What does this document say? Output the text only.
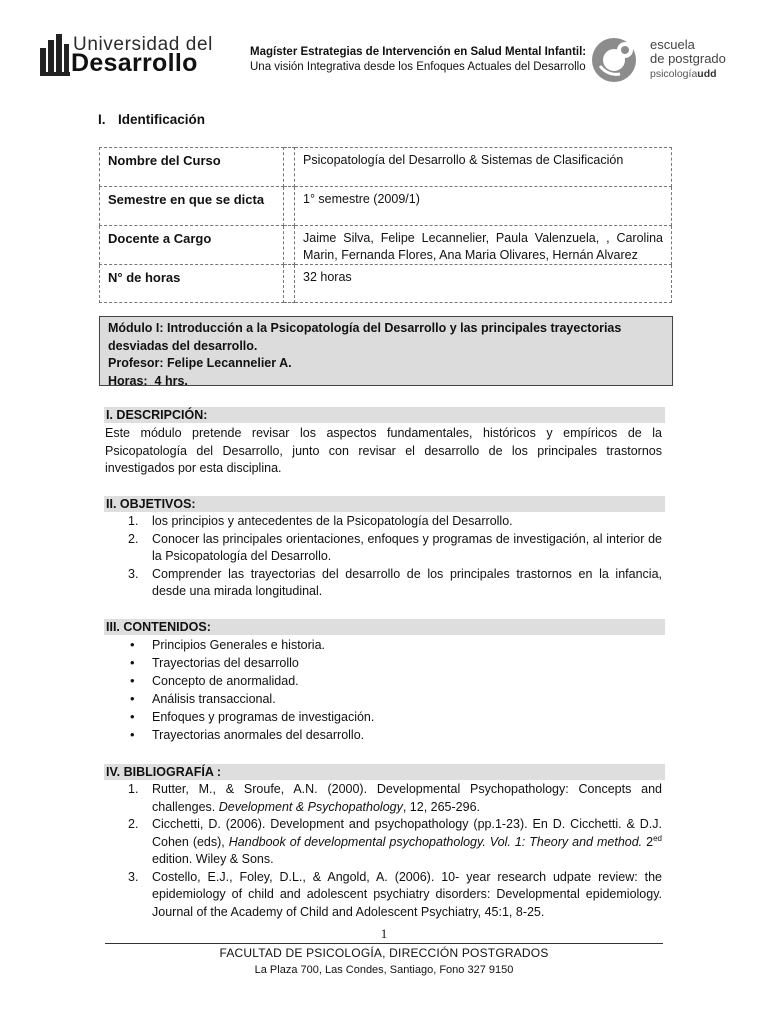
Universidad del
Desarrollo	Magíster Estrategias de Intervención en Salud Mental Infantil:
Una visión Integrativa desde los Enfoques Actuales del Desarrollo
escuela
de postgrado
psicologíaudd
I. Identificación
Nombre del Curso		Psicopatología del Desarrollo & Sistemas de Clasificación
Semestre en que se dicta		1° semestre (2009/1)
Docente a Cargo		Jaime Silva, Felipe Lecannelier, Paula Valenzuela, , Carolina Marin, Fernanda Flores, Ana Maria Olivares, Hernán Alvarez
N° de horas		32 horas
Módulo I: Introducción a la Psicopatología del Desarrollo y las principales trayectorias desviadas del desarrollo.
Profesor: Felipe Lecannelier A.
Horas:  4 hrs.
I. DESCRIPCIÓN:
Este módulo pretende revisar los aspectos fundamentales, históricos y empíricos de la Psicopatología del Desarrollo, junto con revisar el desarrollo de los principales trastornos investigados por esta disciplina.
II. OBJETIVOS:
1. los principios y antecedentes de la Psicopatología del Desarrollo.
2. Conocer las principales orientaciones, enfoques y programas de investigación, al interior de la Psicopatología del Desarrollo.
3. Comprender las trayectorias del desarrollo de los principales trastornos en la infancia, desde una mirada longitudinal.
III. CONTENIDOS:
• Principios Generales e historia.
• Trayectorias del desarrollo
• Concepto de anormalidad.
• Análisis transaccional.
• Enfoques y programas de investigación.
• Trayectorias anormales del desarrollo.
IV. BIBLIOGRAFÍA :
1. Rutter, M., & Sroufe, A.N. (2000). Developmental Psychopathology: Concepts and challenges. Development & Psychopathology, 12, 265-296.
2. Cicchetti, D. (2006). Development and psychopathology (pp.1-23). En D. Cicchetti. & D.J. Cohen (eds), Handbook of developmental psychopathology. Vol. 1: Theory and method. $2^{ed}$ edition. Wiley & Sons.
3. Costello, E.J., Foley, D.L., & Angold, A. (2006). 10- year research udpate review: the epidemiology of child and adolescent psychiatry disorders: Developmental epidemiology. Journal of the Academy of Child and Adolescent Psychiatry, 45:1, 8-25.
1
FACULTAD DE PSICOLOGÍA, DIRECCIÓN POSTGRADOS
La Plaza 700, Las Condes, Santiago, Fono 327 9150
